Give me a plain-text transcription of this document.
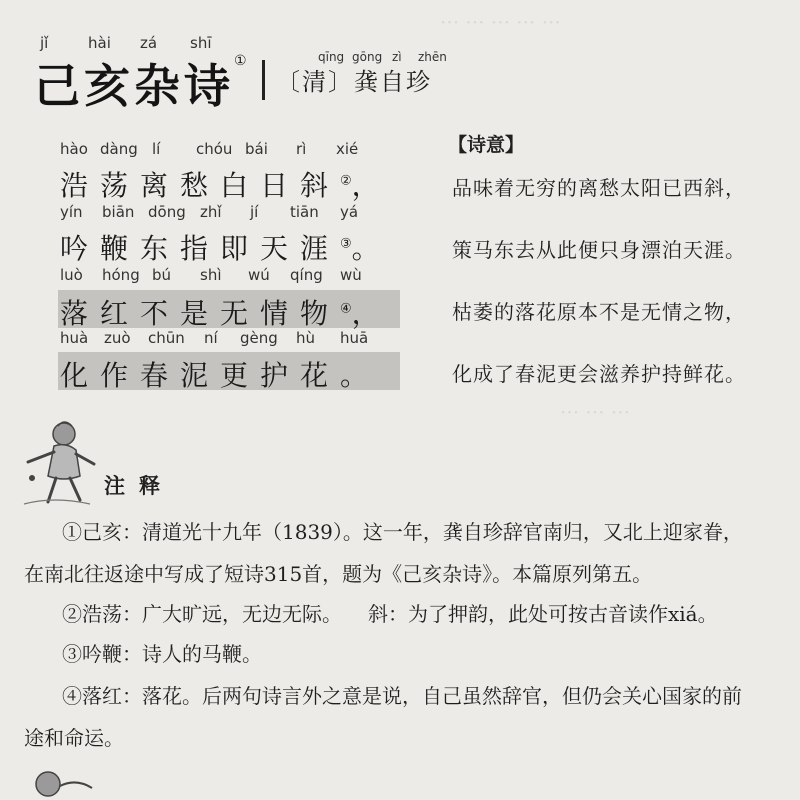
··· ··· ··· ··· ···
··· ··· ···
jǐ	hài zá shī
己亥杂诗 ①	qīng gōng zì zhēn
〔清〕龚自珍
hào dàng lí chóu bái rì xié
浩荡离愁白日斜②，
yín biān dōng zhǐ jí tiān yá
吟鞭东指即天涯③。
luò hóng bú shì wú qíng wù
落红不是无情物④，
huà zuò chūn ní gèng hù huā
化作春泥更护花。
【诗意】
品味着无穷的离愁太阳已西斜，
策马东去从此便只身漂泊天涯。
枯萎的落花原本不是无情之物，
化成了春泥更会滋养护持鲜花。
注释
①己亥：清道光十九年（1839）。这一年，龚自珍辞官南归，又北上迎家眷，
在南北往返途中写成了短诗315首，题为《己亥杂诗》。本篇原列第五。
②浩荡：广大旷远，无边无际。 斜：为了押韵，此处可按古音读作xiá。
③吟鞭：诗人的马鞭。
④落红：落花。后两句诗言外之意是说，自己虽然辞官，但仍会关心国家的前
途和命运。
